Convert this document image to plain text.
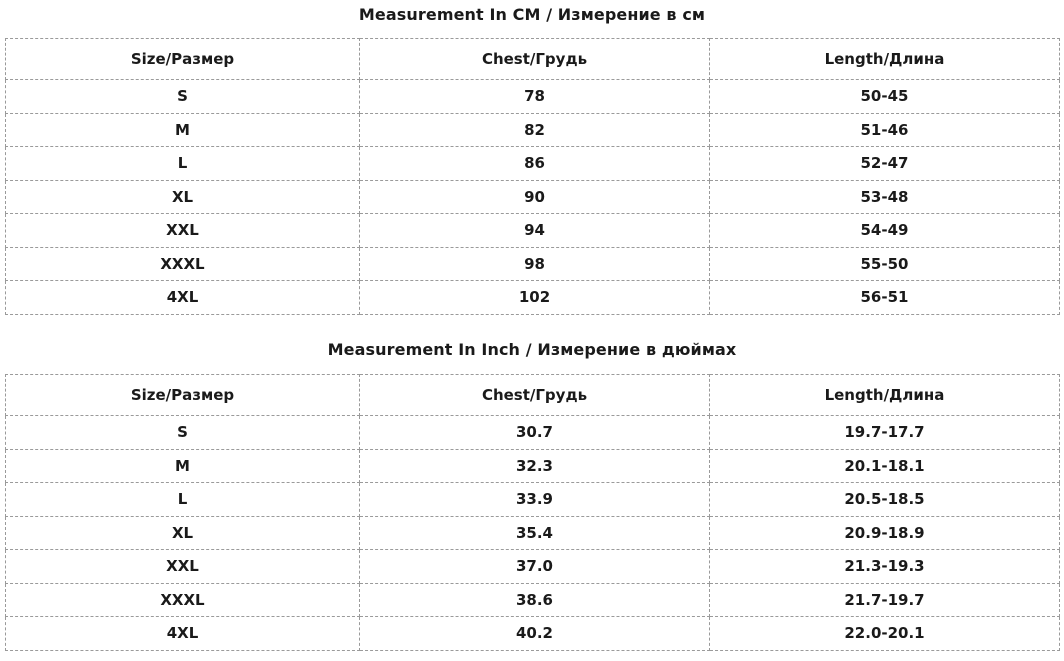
Measurement In CM / Измерение в см
Size/Размер	Chest/Грудь	Length/Длина
S	78	50-45
M	82	51-46
L	86	52-47
XL	90	53-48
XXL	94	54-49
XXXL	98	55-50
4XL	102	56-51
Measurement In Inch / Измерение в дюймах
Size/Размер	Chest/Грудь	Length/Длина
S	30.7	19.7-17.7
M	32.3	20.1-18.1
L	33.9	20.5-18.5
XL	35.4	20.9-18.9
XXL	37.0	21.3-19.3
XXXL	38.6	21.7-19.7
4XL	40.2	22.0-20.1
